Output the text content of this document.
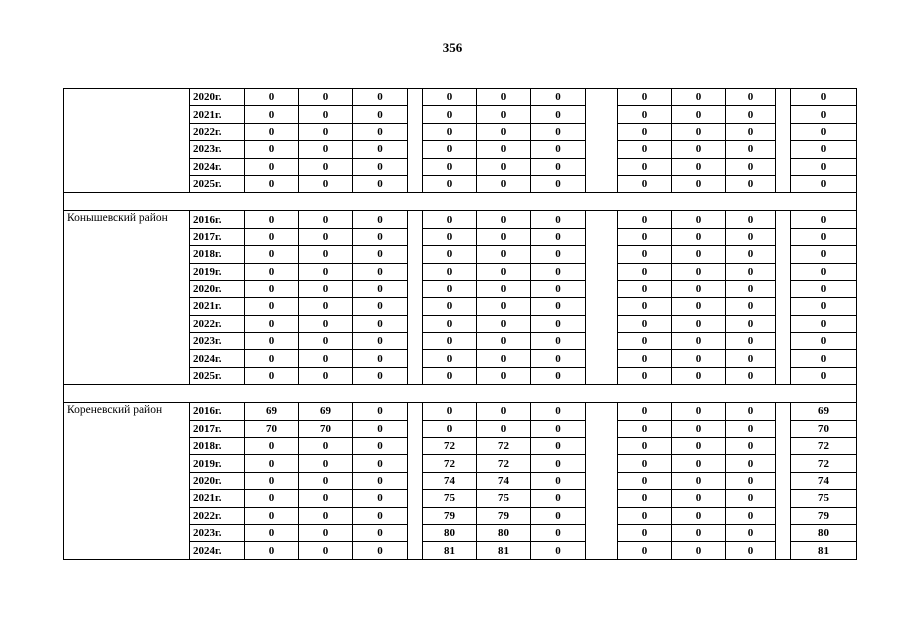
356
	2020г.	0	0	0		0	0	0		0	0	0		0
	2021г.	0	0	0		0	0	0		0	0	0		0
	2022г.	0	0	0		0	0	0		0	0	0		0
	2023г.	0	0	0		0	0	0		0	0	0		0
	2024г.	0	0	0		0	0	0		0	0	0		0
	2025г.	0	0	0		0	0	0		0	0	0		0

Конышевский район	2016г.	0	0	0		0	0	0		0	0	0		0
	2017г.	0	0	0		0	0	0		0	0	0		0
	2018г.	0	0	0		0	0	0		0	0	0		0
	2019г.	0	0	0		0	0	0		0	0	0		0
	2020г.	0	0	0		0	0	0		0	0	0		0
	2021г.	0	0	0		0	0	0		0	0	0		0
	2022г.	0	0	0		0	0	0		0	0	0		0
	2023г.	0	0	0		0	0	0		0	0	0		0
	2024г.	0	0	0		0	0	0		0	0	0		0
	2025г.	0	0	0		0	0	0		0	0	0		0

Кореневский район	2016г.	69	69	0		0	0	0		0	0	0		69
	2017г.	70	70	0		0	0	0		0	0	0		70
	2018г.	0	0	0		72	72	0		0	0	0		72
	2019г.	0	0	0		72	72	0		0	0	0		72
	2020г.	0	0	0		74	74	0		0	0	0		74
	2021г.	0	0	0		75	75	0		0	0	0		75
	2022г.	0	0	0		79	79	0		0	0	0		79
	2023г.	0	0	0		80	80	0		0	0	0		80
	2024г.	0	0	0		81	81	0		0	0	0		81
